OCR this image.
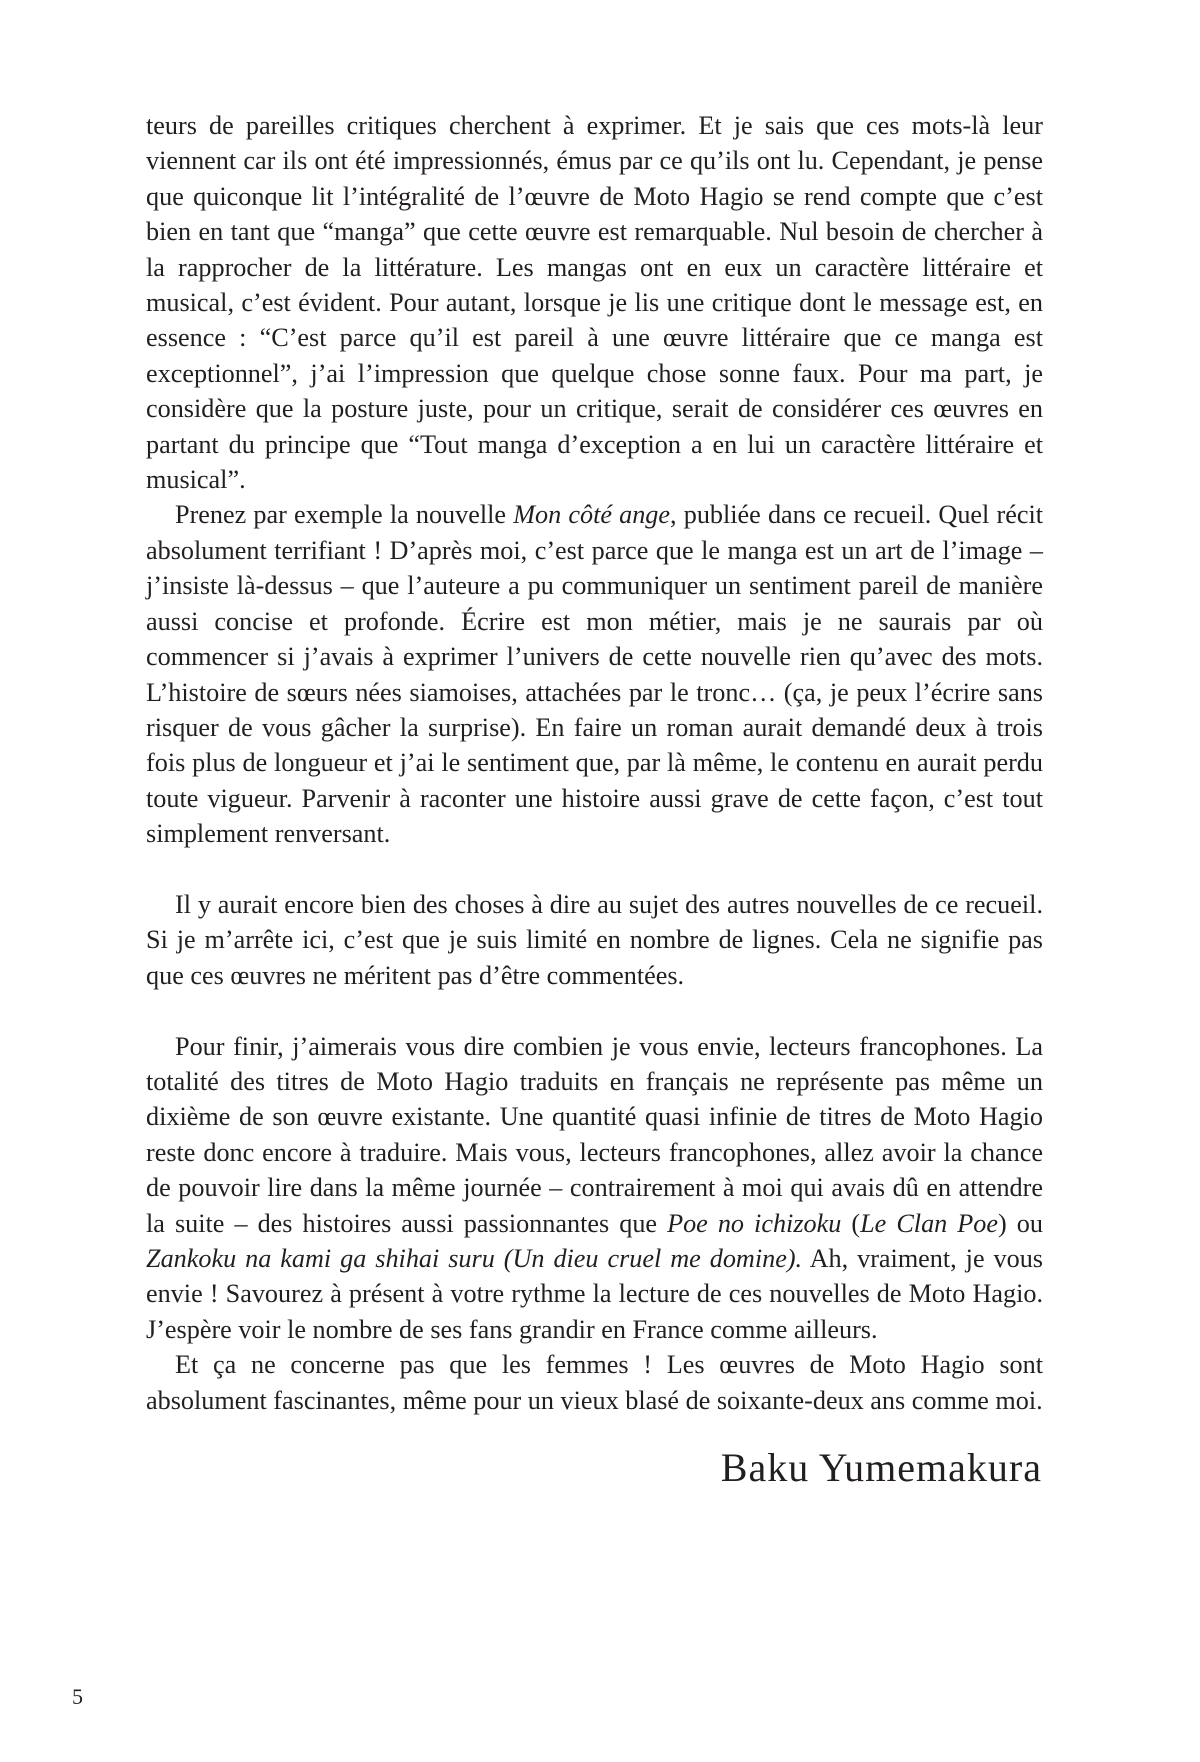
teurs de pareilles critiques cherchent à exprimer. Et je sais que ces mots-là leur viennent car ils ont été impressionnés, émus par ce qu’ils ont lu. Cependant, je pense que quiconque lit l’intégralité de l’œuvre de Moto Hagio se rend compte que c’est bien en tant que “manga” que cette œuvre est remarquable. Nul besoin de chercher à la rapprocher de la littérature. Les mangas ont en eux un caractère littéraire et musical, c’est évident. Pour autant, lorsque je lis une critique dont le message est, en essence : “C’est parce qu’il est pareil à une œuvre littéraire que ce manga est exceptionnel”, j’ai l’impression que quelque chose sonne faux. Pour ma part, je considère que la posture juste, pour un critique, serait de considérer ces œuvres en partant du principe que “Tout manga d’exception a en lui un caractère littéraire et musical”.

Prenez par exemple la nouvelle Mon côté ange, publiée dans ce recueil. Quel récit absolument terrifiant ! D’après moi, c’est parce que le manga est un art de l’image – j’insiste là-dessus – que l’auteure a pu communiquer un sentiment pareil de manière aussi concise et profonde. Écrire est mon métier, mais je ne saurais par où commencer si j’avais à exprimer l’univers de cette nouvelle rien qu’avec des mots. L’histoire de sœurs nées siamoises, attachées par le tronc… (ça, je peux l’écrire sans risquer de vous gâcher la surprise). En faire un roman aurait demandé deux à trois fois plus de longueur et j’ai le sentiment que, par là même, le contenu en aurait perdu toute vigueur. Parvenir à raconter une histoire aussi grave de cette façon, c’est tout simplement renversant.

Il y aurait encore bien des choses à dire au sujet des autres nouvelles de ce recueil. Si je m’arrête ici, c’est que je suis limité en nombre de lignes. Cela ne signifie pas que ces œuvres ne méritent pas d’être commentées.

Pour finir, j’aimerais vous dire combien je vous envie, lecteurs francophones. La totalité des titres de Moto Hagio traduits en français ne représente pas même un dixième de son œuvre existante. Une quantité quasi infinie de titres de Moto Hagio reste donc encore à traduire. Mais vous, lecteurs francophones, allez avoir la chance de pouvoir lire dans la même journée – contrairement à moi qui avais dû en attendre la suite – des histoires aussi passionnantes que Poe no ichizoku (Le Clan Poe) ou Zankoku na kami ga shihai suru (Un dieu cruel me domine). Ah, vraiment, je vous envie ! Savourez à présent à votre rythme la lecture de ces nouvelles de Moto Hagio. J’espère voir le nombre de ses fans grandir en France comme ailleurs.

Et ça ne concerne pas que les femmes ! Les œuvres de Moto Hagio sont absolument fascinantes, même pour un vieux blasé de soixante-deux ans comme moi.

Baku Yumemakura
5
